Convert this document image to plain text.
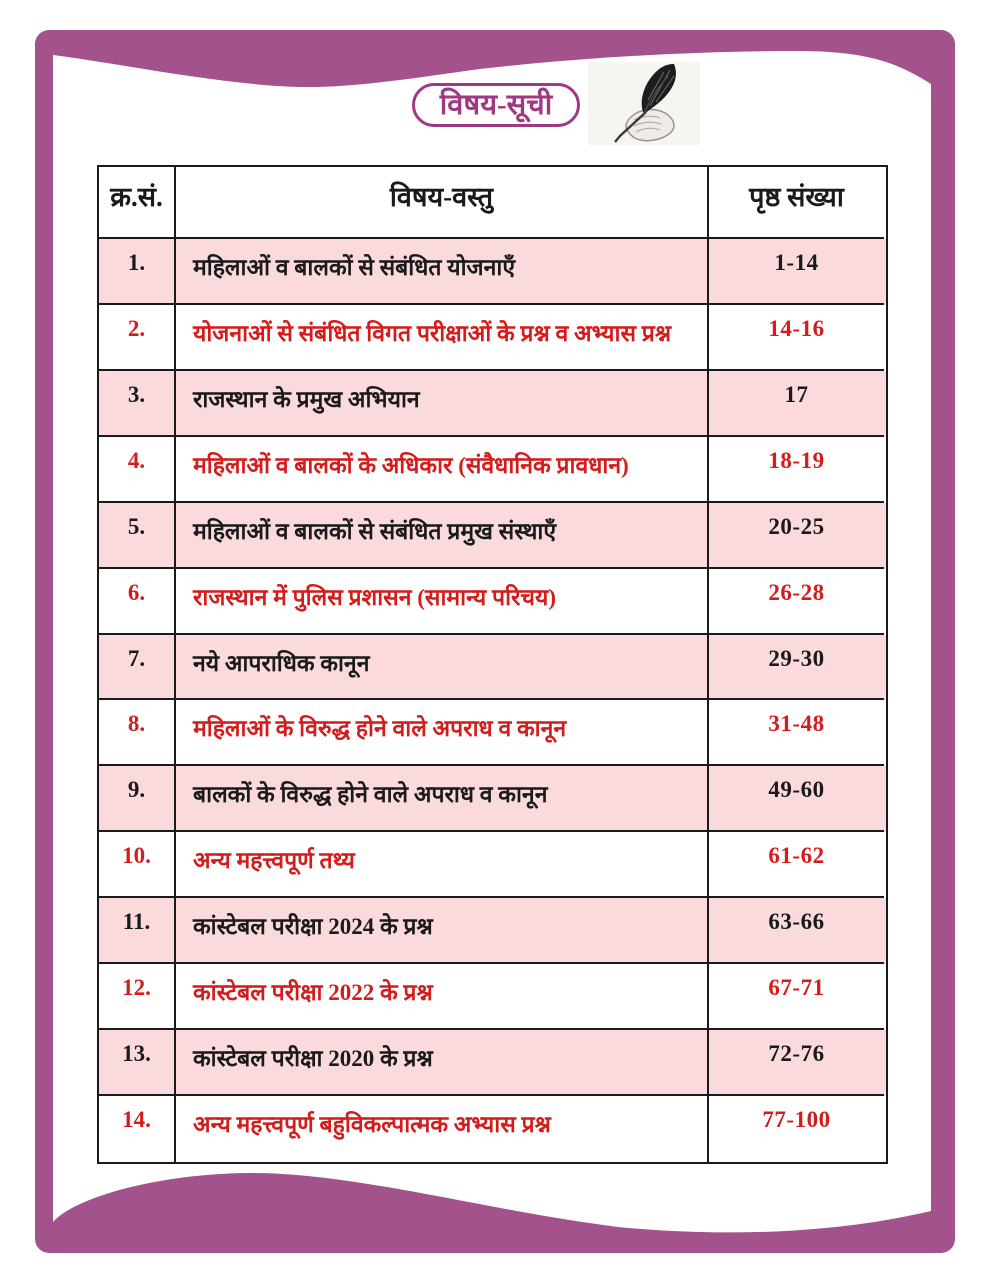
विषय-सूची
क्र.सं.	विषय-वस्तु	पृष्ठ संख्या
1.	महिलाओं व बालकों से संबंधित योजनाएँ	1-14
2.	योजनाओं से संबंधित विगत परीक्षाओं के प्रश्न व अभ्यास प्रश्न	14-16
3.	राजस्थान के प्रमुख अभियान	17
4.	महिलाओं व बालकों के अधिकार (संवैधानिक प्रावधान)	18-19
5.	महिलाओं व बालकों से संबंधित प्रमुख संस्थाएँ	20-25
6.	राजस्थान में पुलिस प्रशासन (सामान्य परिचय)	26-28
7.	नये आपराधिक कानून	29-30
8.	महिलाओं के विरुद्ध होने वाले अपराध व कानून	31-48
9.	बालकों के विरुद्ध होने वाले अपराध व कानून	49-60
10.	अन्य महत्त्वपूर्ण तथ्य	61-62
11.	कांस्टेबल परीक्षा 2024 के प्रश्न	63-66
12.	कांस्टेबल परीक्षा 2022 के प्रश्न	67-71
13.	कांस्टेबल परीक्षा 2020 के प्रश्न	72-76
14.	अन्य महत्त्वपूर्ण बहुविकल्पात्मक अभ्यास प्रश्न	77-100
